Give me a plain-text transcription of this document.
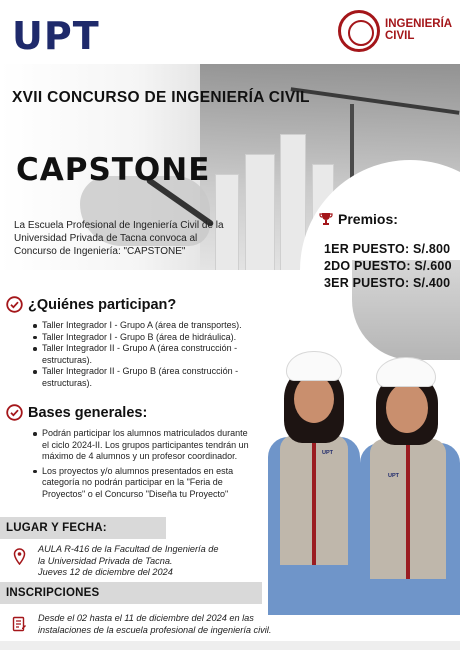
UPT	INGENIERÍA
CIVIL
XVII CONCURSO DE INGENIERÍA CIVIL
CAPSTONE
La Escuela Profesional de Ingeniería Civil de la Universidad Privada de Tacna convoca al Concurso de Ingeniería: "CAPSTONE"
Premios:
1ER PUESTO: S/.800
2DO PUESTO: S/.600
3ER PUESTO: S/.400
¿Quiénes participan?
Taller Integrador I - Grupo A (área de transportes).
Taller Integrador I - Grupo B (área de hidráulica).
Taller Integrador II - Grupo A (área construcción - estructuras).
Taller Integrador II - Grupo B (área construcción - estructuras).
Bases generales:
Podrán participar los alumnos matriculados durante el ciclo 2024-II. Los grupos participantes tendrán un máximo de 4 alumnos y un profesor coordinador.
Los proyectos y/o alumnos presentados en esta categoría no podrán participar en la "Feria de Proyectos" o el Concurso "Diseña tu Proyecto"
UPT
UPT
LUGAR Y FECHA:
AULA R-416 de la Facultad de Ingeniería de
la Universidad Privada de Tacna.
Jueves 12 de diciembre del 2024
INSCRIPCIONES
Desde el 02 hasta el 11 de diciembre del 2024 en las
instalaciones de la escuela profesional de ingeniería civil.
